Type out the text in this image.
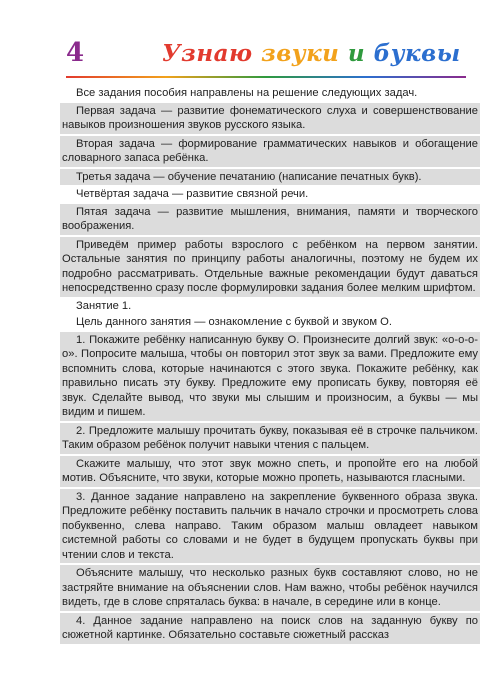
4	Узнаю звуки и буквы

Все задания пособия направлены на решение следующих задач.

Первая задача — развитие фонематического слуха и совершенствование навыков произношения звуков русского языка.

Вторая задача — формирование грамматических навыков и обогащение словарного запаса ребёнка.

Третья задача — обучение печатанию (написание печатных букв).

Четвёртая задача — развитие связной речи.

Пятая задача — развитие мышления, внимания, памяти и творческого воображения.

Приведём пример работы взрослого с ребёнком на первом занятии. Остальные занятия по принципу работы аналогичны, поэтому не будем их подробно рассматривать. Отдельные важные рекомендации будут даваться непосредственно сразу после формулировки задания более мелким шрифтом.

Занятие 1.

Цель данного занятия — ознакомление с буквой и звуком О.

1. Покажите ребёнку написанную букву О. Произнесите долгий звук: «о-о-о-о». Попросите малыша, чтобы он повторил этот звук за вами. Предложите ему вспомнить слова, которые начинаются с этого звука. Покажите ребёнку, как правильно писать эту букву. Предложите ему прописать букву, повторяя её звук. Сделайте вывод, что звуки мы слышим и произносим, а буквы — мы видим и пишем.

2. Предложите малышу прочитать букву, показывая её в строчке пальчиком. Таким образом ребёнок получит навыки чтения с пальцем.

Скажите малышу, что этот звук можно спеть, и пропойте его на любой мотив. Объясните, что звуки, которые можно пропеть, называются гласными.

3. Данное задание направлено на закрепление буквенного образа звука. Предложите ребёнку поставить пальчик в начало строчки и просмотреть слова побуквенно, слева направо. Таким образом малыш овладеет навыком системной работы со словами и не будет в будущем пропускать буквы при чтении слов и текста.

Объясните малышу, что несколько разных букв составляют слово, но не застряйте внимание на объяснении слов. Нам важно, чтобы ребёнок научился видеть, где в слове спряталась буква: в начале, в середине или в конце.

4. Данное задание направлено на поиск слов на заданную букву по сюжетной картинке. Обязательно составьте сюжетный рассказ
